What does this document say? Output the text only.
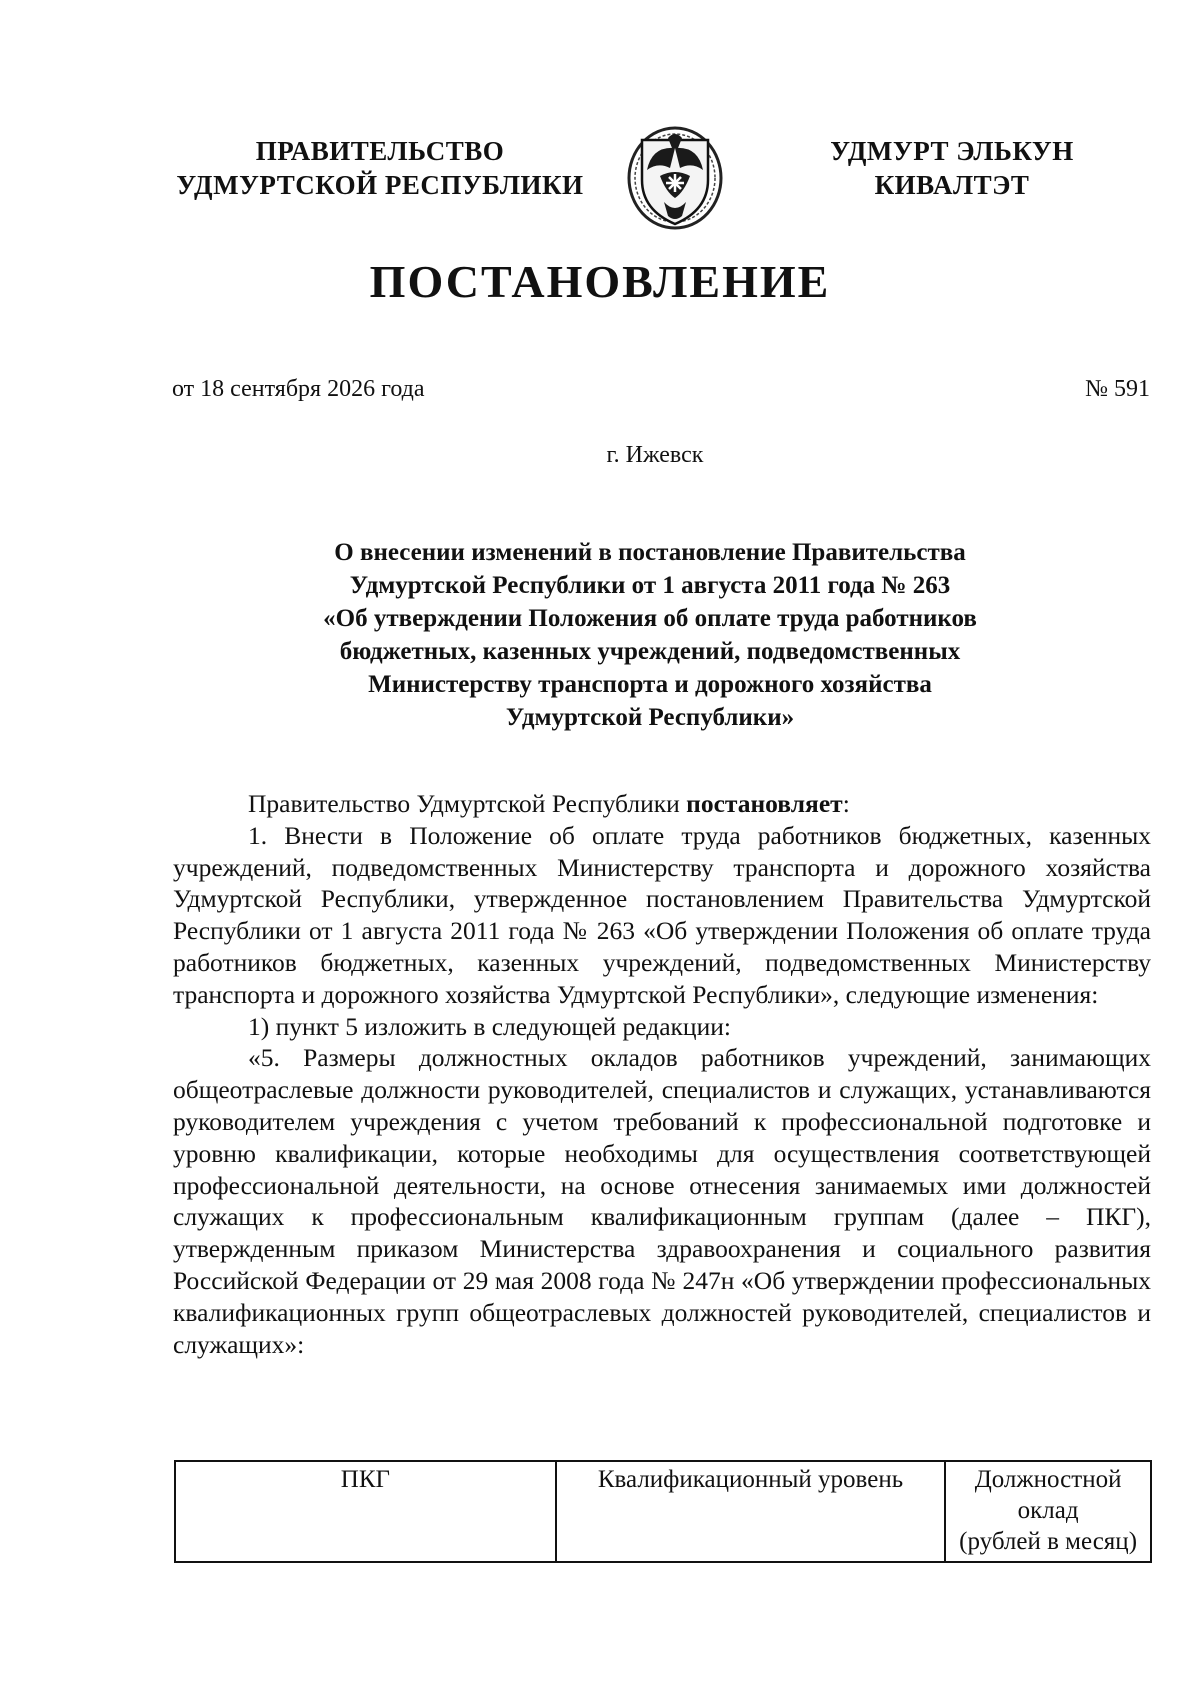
ПРАВИТЕЛЬСТВО
УДМУРТСКОЙ РЕСПУБЛИКИ
УДМУРТ ЭЛЬКУН
КИВАЛТЭТ
ПОСТАНОВЛЕНИЕ
от 18 сентября 2026 года	№ 591
г. Ижевск
О внесении изменений в постановление Правительства
Удмуртской Республики от 1 августа 2011 года № 263
«Об утверждении Положения об оплате труда работников
бюджетных, казенных учреждений, подведомственных
Министерству транспорта и дорожного хозяйства
Удмуртской Республики»

Правительство Удмуртской Республики постановляет:

1. Внести в Положение об оплате труда работников бюджетных, казенных учреждений, подведомственных Министерству транспорта и дорожного хозяйства Удмуртской Республики, утвержденное постановлением Правительства Удмуртской Республики от 1 августа 2011 года № 263 «Об утверждении Положения об оплате труда работников бюджетных, казенных учреждений, подведомственных Министерству транспорта и дорожного хозяйства Удмуртской Республики», следующие изменения:

1) пункт 5 изложить в следующей редакции:

«5. Размеры должностных окладов работников учреждений, занимающих общеотраслевые должности руководителей, специалистов и служащих, устанавливаются руководителем учреждения с учетом требований к профессиональной подготовке и уровню квалификации, которые необходимы для осуществления соответствующей профессиональной деятельности, на основе отнесения занимаемых ими должностей служащих к профессиональным квалификационным группам (далее – ПКГ), утвержденным приказом Министерства здравоохранения и социального развития Российской Федерации от 29 мая 2008 года № 247н «Об утверждении профессиональных квалификационных групп общеотраслевых должностей руководителей, специалистов и служащих»:

ПКГ	Квалификационный уровень	Должностной
оклад
(рублей в месяц)
